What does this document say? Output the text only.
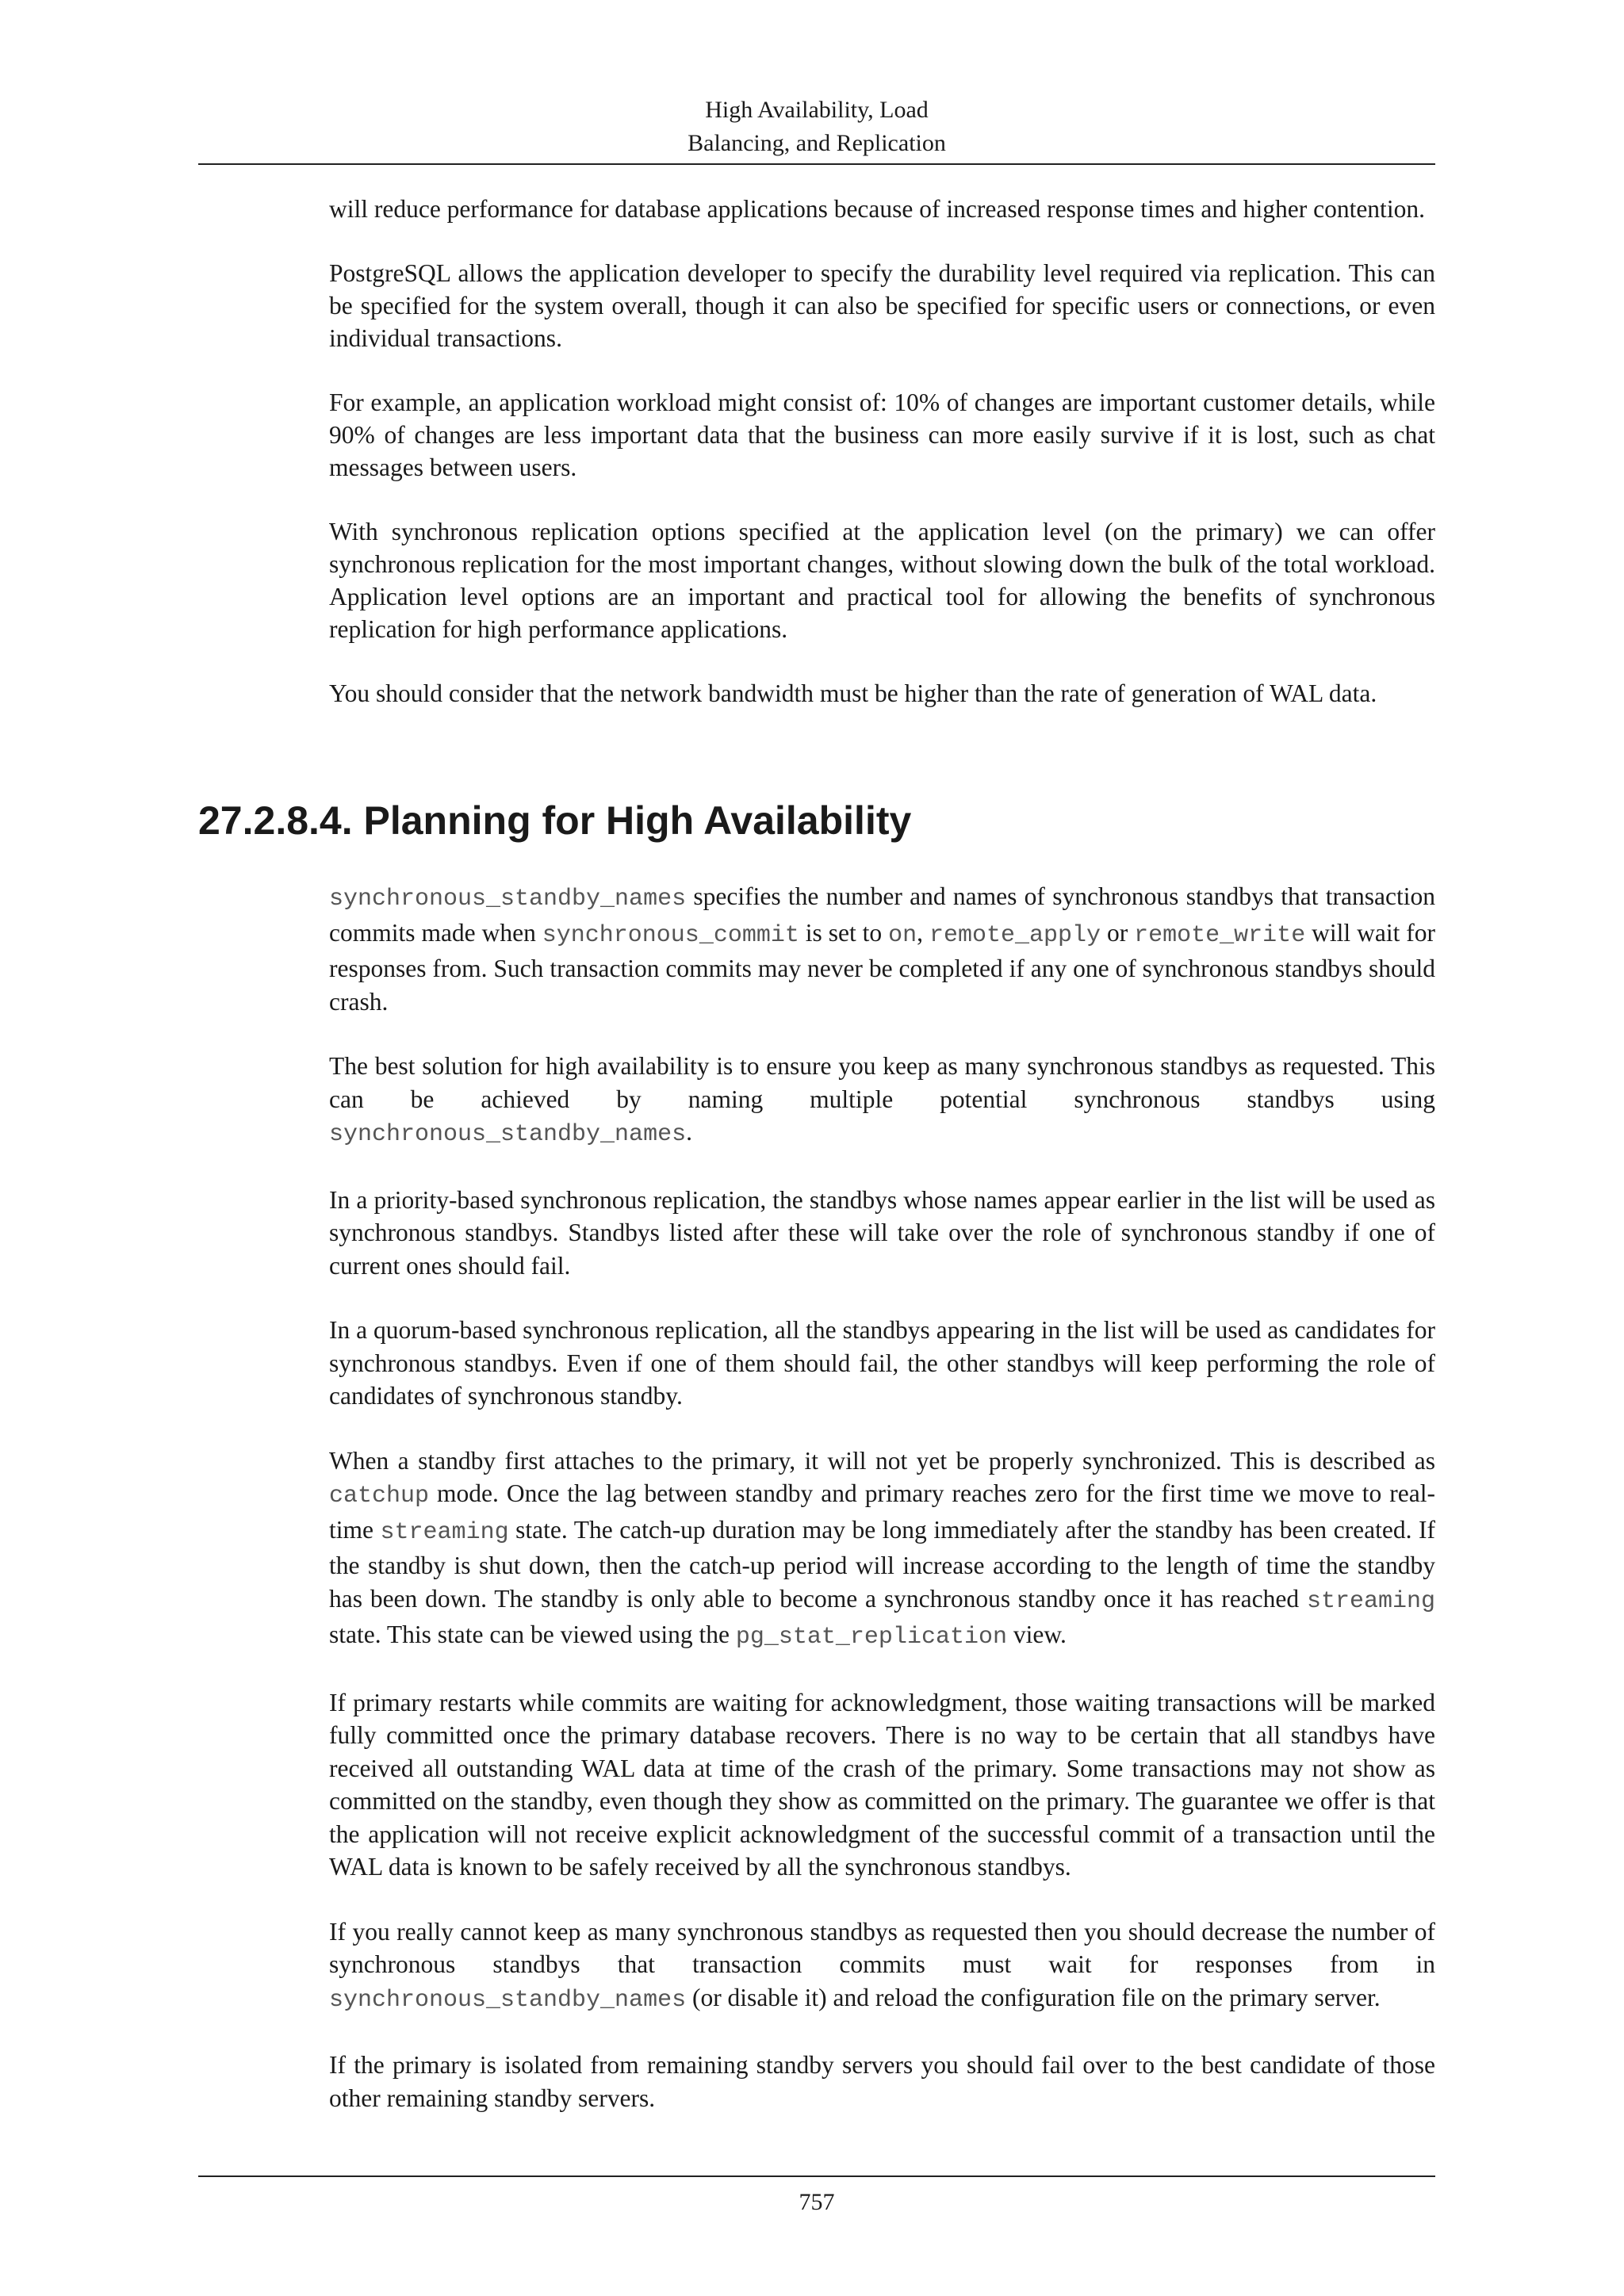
High Availability, Load
Balancing, and Replication

will reduce performance for database applications because of increased response times and higher contention.

PostgreSQL allows the application developer to specify the durability level required via replication. This can be specified for the system overall, though it can also be specified for specific users or connections, or even individual transactions.

For example, an application workload might consist of: 10% of changes are important customer details, while 90% of changes are less important data that the business can more easily survive if it is lost, such as chat messages between users.

With synchronous replication options specified at the application level (on the primary) we can offer synchronous replication for the most important changes, without slowing down the bulk of the total workload. Application level options are an important and practical tool for allowing the benefits of synchronous replication for high performance applications.

You should consider that the network bandwidth must be higher than the rate of generation of WAL data.

27.2.8.4. Planning for High Availability

synchronous_standby_names specifies the number and names of synchronous standbys that transaction commits made when synchronous_commit is set to on, remote_apply or remote_write will wait for responses from. Such transaction commits may never be completed if any one of synchronous standbys should crash.

The best solution for high availability is to ensure you keep as many synchronous standbys as requested. This can be achieved by naming multiple potential synchronous standbys using synchronous_standby_names.

In a priority-based synchronous replication, the standbys whose names appear earlier in the list will be used as synchronous standbys. Standbys listed after these will take over the role of synchronous standby if one of current ones should fail.

In a quorum-based synchronous replication, all the standbys appearing in the list will be used as candidates for synchronous standbys. Even if one of them should fail, the other standbys will keep performing the role of candidates of synchronous standby.

When a standby first attaches to the primary, it will not yet be properly synchronized. This is described as catchup mode. Once the lag between standby and primary reaches zero for the first time we move to real-time streaming state. The catch-up duration may be long immediately after the standby has been created. If the standby is shut down, then the catch-up period will increase according to the length of time the standby has been down. The standby is only able to become a synchronous standby once it has reached streaming state. This state can be viewed using the pg_stat_replication view.

If primary restarts while commits are waiting for acknowledgment, those waiting transactions will be marked fully committed once the primary database recovers. There is no way to be certain that all standbys have received all outstanding WAL data at time of the crash of the primary. Some transactions may not show as committed on the standby, even though they show as committed on the primary. The guarantee we offer is that the application will not receive explicit acknowledgment of the successful commit of a transaction until the WAL data is known to be safely received by all the synchronous standbys.

If you really cannot keep as many synchronous standbys as requested then you should decrease the number of synchronous standbys that transaction commits must wait for responses from in synchronous_standby_names (or disable it) and reload the configuration file on the primary server.

If the primary is isolated from remaining standby servers you should fail over to the best candidate of those other remaining standby servers.

757
